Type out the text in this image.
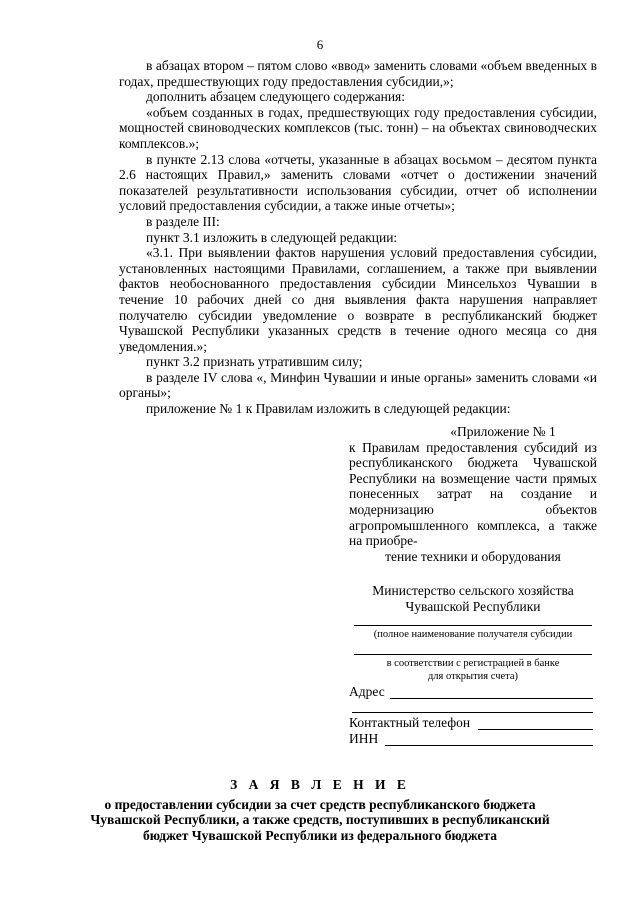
6

в абзацах втором – пятом слово «ввод» заменить словами «объем введенных в годах, предшествующих году предоставления субсидии,»;

дополнить абзацем следующего содержания:

«объем созданных в годах, предшествующих году предоставления субсидии, мощностей свиноводческих комплексов (тыс. тонн) – на объектах свиноводческих комплексов.»;

в пункте 2.13 слова «отчеты, указанные в абзацах восьмом – десятом пункта 2.6 настоящих Правил,» заменить словами «отчет о достижении значений показателей результативности использования субсидии, отчет об исполнении условий предоставления субсидии, а также иные отчеты»;

в разделе III:

пункт 3.1 изложить в следующей редакции:

«3.1. При выявлении фактов нарушения условий предоставления субсидии, установленных настоящими Правилами, соглашением, а также при выявлении фактов необоснованного предоставления субсидии Минсельхоз Чувашии в течение 10 рабочих дней со дня выявления факта нарушения направляет получателю субсидии уведомление о возврате в республиканский бюджет Чувашской Республики указанных средств в течение одного месяца со дня уведомления.»;

пункт 3.2 признать утратившим силу;

в разделе IV слова «, Минфин Чувашии и иные органы» заменить словами «и органы»;

приложение № 1 к Правилам изложить в следующей редакции:

«Приложение № 1
к Правилам предоставления субсидий из республиканского бюджета Чувашской Республики на возмещение части прямых понесенных затрат на создание и модернизацию объектов агропромышленного комплекса, а также на приобре-
тение техники и оборудования
Министерство сельского хозяйства
Чувашской Республики
(полное наименование получателя субсидии
в соответствии с регистрацией в банке
для открытия счета)
Адрес
Контактный телефон
ИНН
З А Я В Л Е Н И Е
о предоставлении субсидии за счет средств республиканского бюджета
Чувашской Республики, а также средств, поступивших в республиканский
бюджет Чувашской Республики из федерального бюджета
